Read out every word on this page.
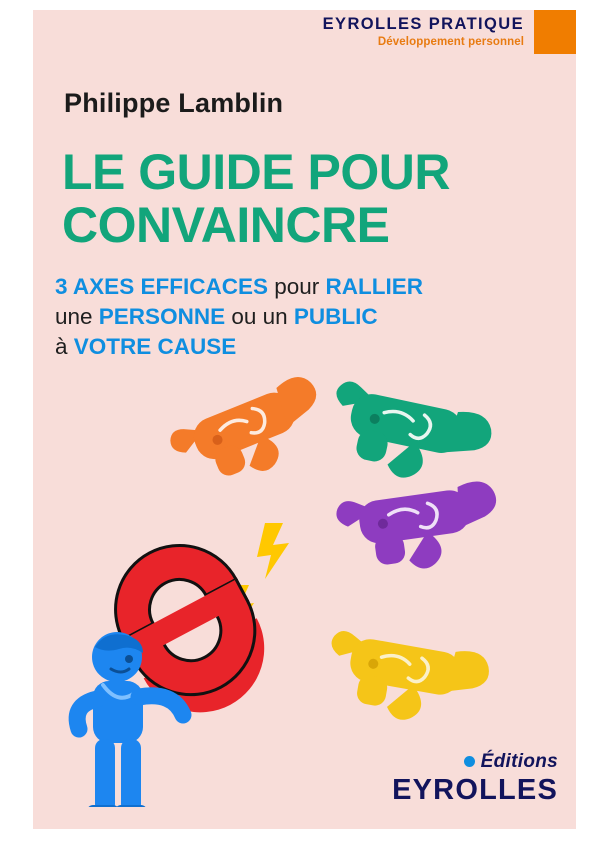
EYROLLES PRATIQUE
Développement personnel
Philippe Lamblin
LE GUIDE POUR
CONVAINCRE
3 AXES EFFICACES pour RALLIER
une PERSONNE ou un PUBLIC
à VOTRE CAUSE
Éditions
EYROLLES
